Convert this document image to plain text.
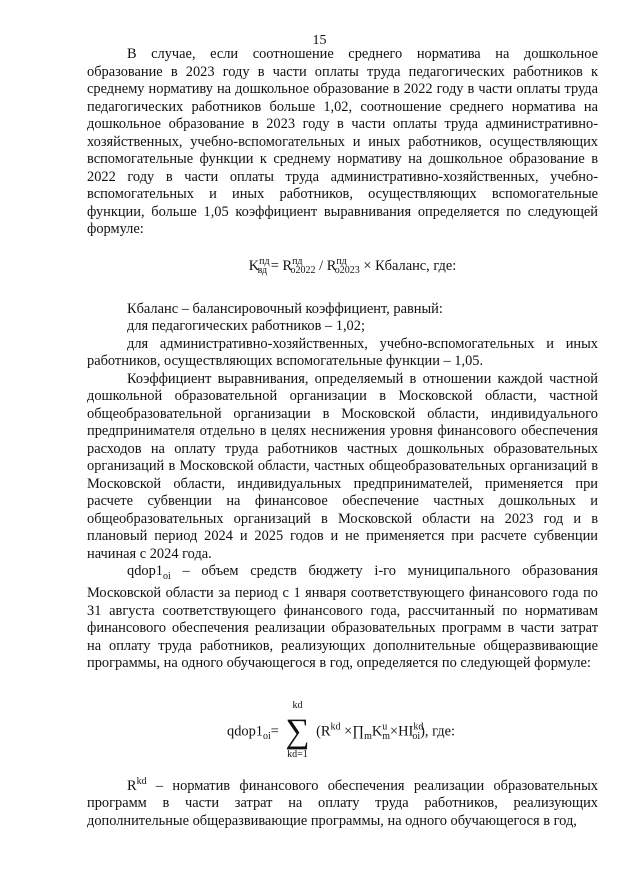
15

В случае, если соотношение среднего норматива на дошкольное образование в 2023 году в части оплаты труда педагогических работников к среднему нормативу на дошкольное образование в 2022 году в части оплаты труда педагогических работников больше 1,02, соотношение среднего норматива на дошкольное образование в 2023 году в части оплаты труда административно-хозяйственных, учебно-вспомогательных и иных работников, осуществляющих вспомогательные функции к среднему нормативу на дошкольное образование в 2022 году в части оплаты труда административно-хозяйственных, учебно-вспомогательных и иных работников, осуществляющих вспомогательные функции, больше 1,05 коэффициент выравнивания определяется по следующей формуле:

$K^{пд}_{вд} = R^{пд}_{o2022} / R^{пд}_{o2023}$ × Кбаланс, где:

Кбаланс – балансировочный коэффициент, равный:

для педагогических работников – 1,02;

для административно-хозяйственных, учебно-вспомогательных и иных работников, осуществляющих вспомогательные функции – 1,05.

Коэффициент выравнивания, определяемый в отношении каждой частной дошкольной образовательной организации в Московской области, частной общеобразовательной организации в Московской области, индивидуального предпринимателя отдельно в целях неснижения уровня финансового обеспечения расходов на оплату труда работников частных дошкольных образовательных организаций в Московской области, частных общеобразовательных организаций в Московской области, индивидуальных предпринимателей, применяется при расчете субвенции на финансовое обеспечение частных дошкольных и общеобразовательных организаций в Московской области на 2023 год и в плановый период 2024 и 2025 годов и не применяется при расчете субвенции начиная с 2024 года.

$qdop1_{oi}$ – объем средств бюджету i-го муниципального образования Московской области за период с 1 января соответствующего финансового года по 31 августа соответствующего финансового года, рассчитанный по нормативам финансового обеспечения реализации образовательных программ в части затрат на оплату труда работников, реализующих дополнительные общеразвивающие программы, на одного обучающегося в год, определяется по следующей формуле:

$qdop1_{oi}=$
kd
∑
kd=1
($R^{kd}$ $\times\prod_mK^u_m\times HI^{kd}_{oi}$), где:

$R^{kd}$ – норматив финансового обеспечения реализации образовательных программ в части затрат на оплату труда работников, реализующих дополнительные общеразвивающие программы, на одного обучающегося в год,
